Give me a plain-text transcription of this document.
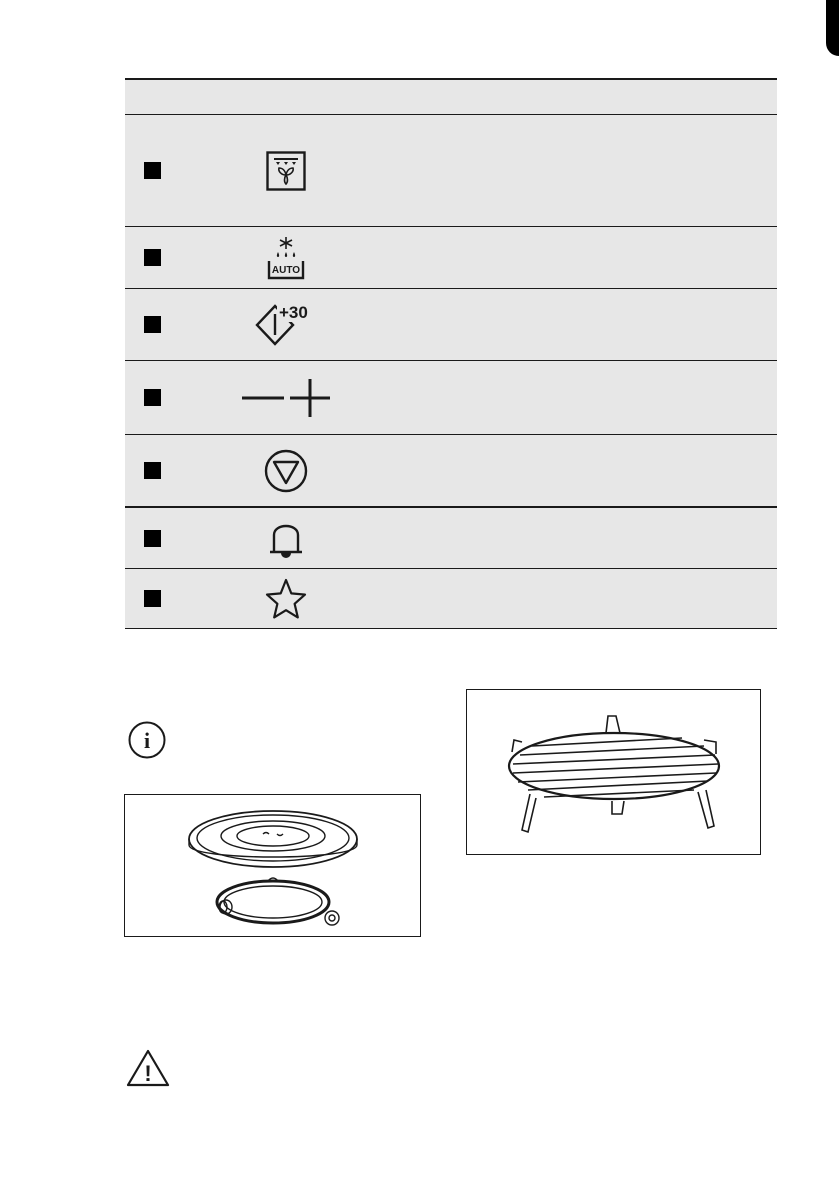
AUTO
+30
i
!
